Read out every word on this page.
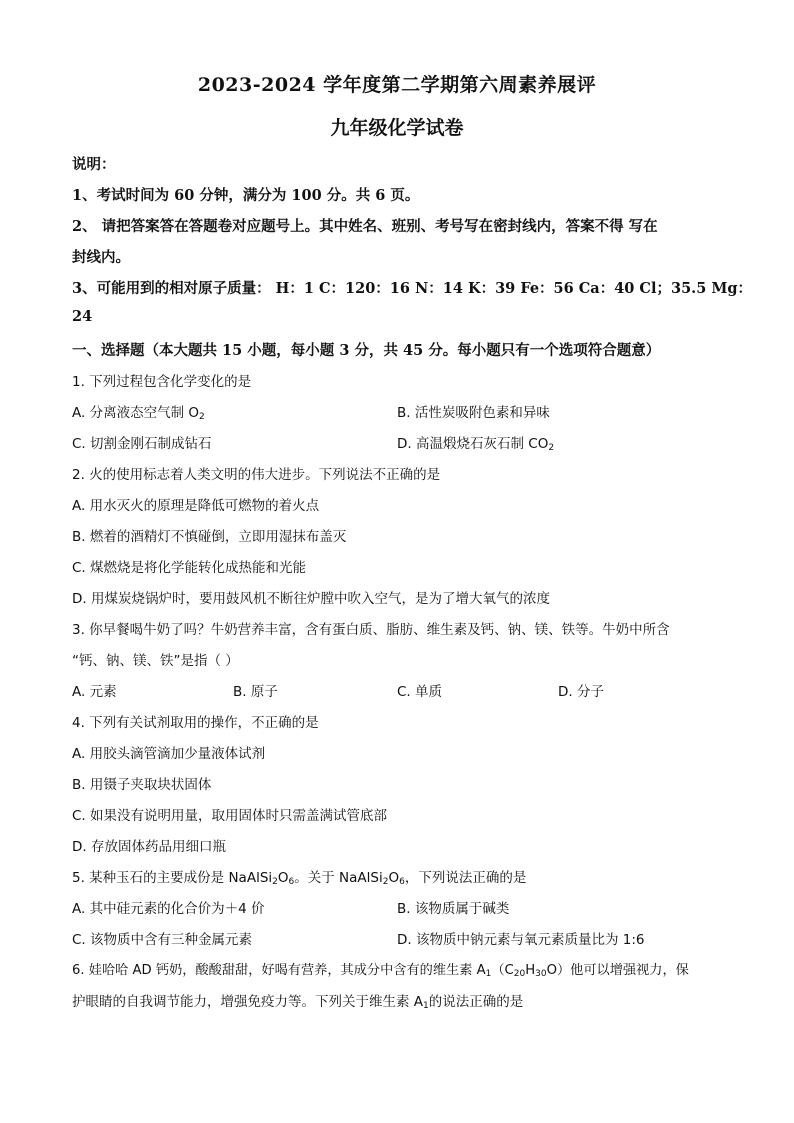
2023-2024 学年度第二学期第六周素养展评
九年级化学试卷
说明：
1、考试时间为 60 分钟，满分为 100 分。共 6 页。
2、 请把答案答在答题卷对应题号上。其中姓名、班别、考号写在密封线内，答案不得 写在
封线内。
3、可能用到的相对原子质量： H：1 C：120：16 N：14 K：39 Fe：56 Ca：40 Cl；35.5 Mg：
24
一、选择题（本大题共 15 小题，每小题 3 分，共 45 分。每小题只有一个选项符合题意）
1. 下列过程包含化学变化的是
A. 分离液态空气制 $O_2$	B. 活性炭吸附色素和异味
C. 切割金刚石制成钻石	D. 高温煅烧石灰石制 $CO_2$
2. 火的使用标志着人类文明的伟大进步。下列说法不正确的是
A. 用水灭火的原理是降低可燃物的着火点
B. 燃着的酒精灯不慎碰倒，立即用湿抹布盖灭
C. 煤燃烧是将化学能转化成热能和光能
D. 用煤炭烧锅炉时，要用鼓风机不断往炉膛中吹入空气，是为了增大氧气的浓度
3. 你早餐喝牛奶了吗？牛奶营养丰富，含有蛋白质、脂肪、维生素及钙、钠、镁、铁等。牛奶中所含
“钙、钠、镁、铁”是指（ ）
A. 元素	B. 原子	C. 单质	D. 分子
4. 下列有关试剂取用的操作，不正确的是
A. 用胶头滴管滴加少量液体试剂
B. 用镊子夹取块状固体
C. 如果没有说明用量，取用固体时只需盖满试管底部
D. 存放固体药品用细口瓶
5. 某种玉石的主要成份是 $NaAlSi_2O_6$。关于 $NaAlSi_2O_6$，下列说法正确的是
A. 其中硅元素的化合价为＋4 价	B. 该物质属于碱类
C. 该物质中含有三种金属元素	D. 该物质中钠元素与氧元素质量比为 1:6
6. 娃哈哈 AD 钙奶，酸酸甜甜，好喝有营养，其成分中含有的维生素 $A_1(C_{20}H_{30}O)$他可以增强视力，保
护眼睛的自我调节能力，增强免疫力等。下列关于维生素 $A_1$的说法正确的是
